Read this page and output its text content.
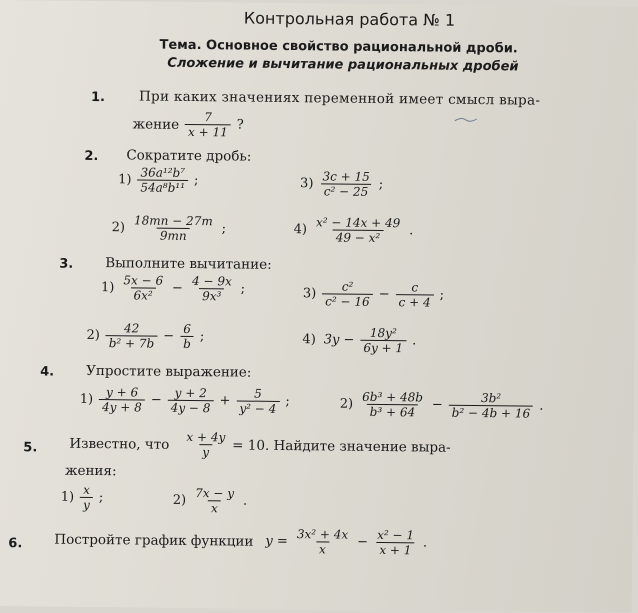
Контрольная работа № 1
Тема. Основное свойство рациональной дроби.
Сложение и вычитание рациональных дробей
1.	При каких значениях переменной имеет смысл выра-
жение $\frac{7}{x + 11}$ ?
2. Сократите дробь:
$1) \frac{\text{36a¹²b⁷}}{\text{54a⁸b¹¹}}$ ;	$3) \frac{3c + 15}{\text{c² − 25}}$ ;
$2) \frac{18mn - 27m}{9mn}$ ;	$4) \frac{\text{x² − 14x + 49}}{\text{49 − x²}}$ .
3. Выполните вычитание:
$1) \frac{5x - 6}{\text{6x²}} - \frac{4 - 9x}{\text{9x³}}$ ;	$3) \frac{\text{c²}}{\text{c² − 16}} - \frac{c}{c + 4}$ ;
$2) \frac{42}{\text{b² + 7b}} - \frac{6}{b}$ ;	4) $3y - \frac{\text{18y²}}{6y + 1}$ .
4. Упростите выражение:
$1) \frac{y + 6}{4y + 8} - \frac{y + 2}{4y - 8} + \frac{5}{\text{y² − 4}}$ ;	$2) \frac{\text{6b³ + 48b}}{\text{b³ + 64}} - \frac{\text{3b²}}{\text{b² − 4b + 16}}$ .
5. Известно, что $\frac{x + 4y}{y} = 10$. Найдите значение выра-
жения:
$1) \frac{x}{y}$ ;	$2) \frac{7x - y}{x}$ .
6. Постройте график функции $y = \frac{\text{3x² + 4x}}{x} - \frac{\text{x² − 1}}{x + 1}$ .
